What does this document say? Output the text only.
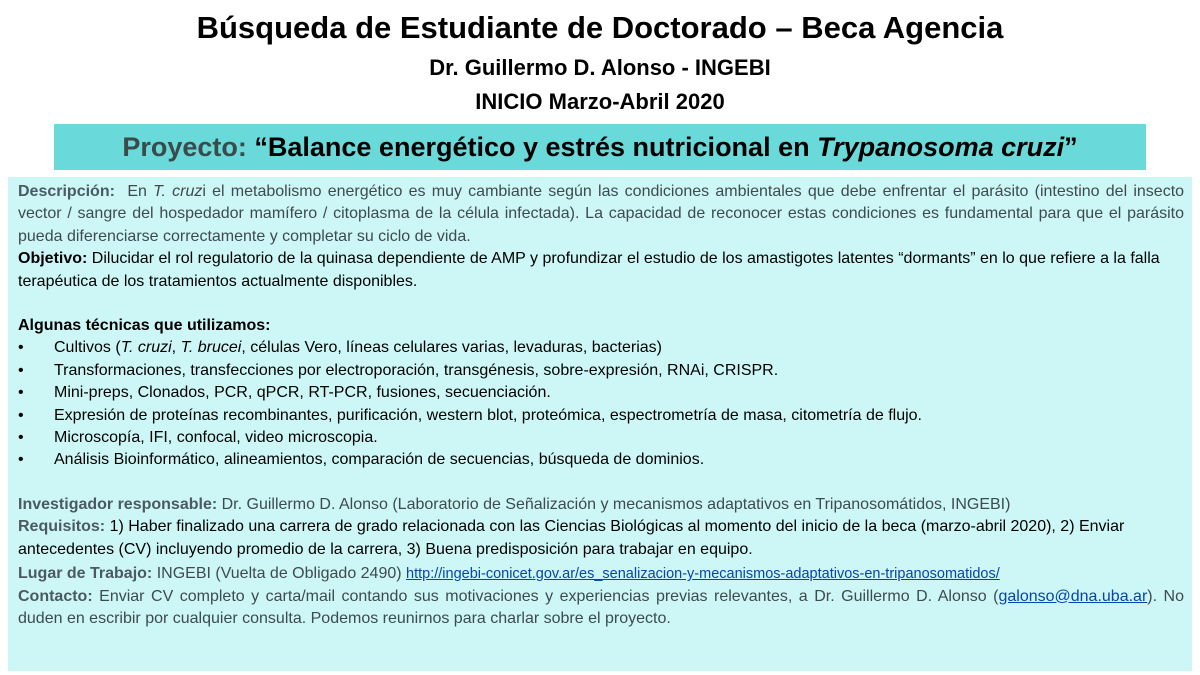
Búsqueda de Estudiante de Doctorado – Beca Agencia
Dr. Guillermo D. Alonso - INGEBI
INICIO Marzo-Abril 2020
Proyecto: “Balance energético y estrés nutricional en Trypanosoma cruzi”
Descripción: En T. cruzi el metabolismo energético es muy cambiante según las condiciones ambientales que debe enfrentar el parásito (intestino del insecto vector / sangre del hospedador mamífero / citoplasma de la célula infectada). La capacidad de reconocer estas condiciones es fundamental para que el parásito pueda diferenciarse correctamente y completar su ciclo de vida.
Objetivo: Dilucidar el rol regulatorio de la quinasa dependiente de AMP y profundizar el estudio de los amastigotes latentes “dormants” en lo que refiere a la falla terapéutica de los tratamientos actualmente disponibles.
Algunas técnicas que utilizamos:
• Cultivos (T. cruzi, T. brucei, células Vero, líneas celulares varias, levaduras, bacterias)
• Transformaciones, transfecciones por electroporación, transgénesis, sobre-expresión, RNAi, CRISPR.
• Mini-preps, Clonados, PCR, qPCR, RT-PCR, fusiones, secuenciación.
• Expresión de proteínas recombinantes, purificación, western blot, proteómica, espectrometría de masa, citometría de flujo.
• Microscopía, IFI, confocal, video microscopia.
• Análisis Bioinformático, alineamientos, comparación de secuencias, búsqueda de dominios.
Investigador responsable: Dr. Guillermo D. Alonso (Laboratorio de Señalización y mecanismos adaptativos en Tripanosomátidos, INGEBI)
Requisitos: 1) Haber finalizado una carrera de grado relacionada con las Ciencias Biológicas al momento del inicio de la beca (marzo-abril 2020), 2) Enviar antecedentes (CV) incluyendo promedio de la carrera, 3) Buena predisposición para trabajar en equipo.
Lugar de Trabajo: INGEBI (Vuelta de Obligado 2490) http://ingebi-conicet.gov.ar/es_senalizacion-y-mecanismos-adaptativos-en-tripanosomatidos/
Contacto: Enviar CV completo y carta/mail contando sus motivaciones y experiencias previas relevantes, a Dr. Guillermo D. Alonso (galonso@dna.uba.ar). No duden en escribir por cualquier consulta. Podemos reunirnos para charlar sobre el proyecto.
